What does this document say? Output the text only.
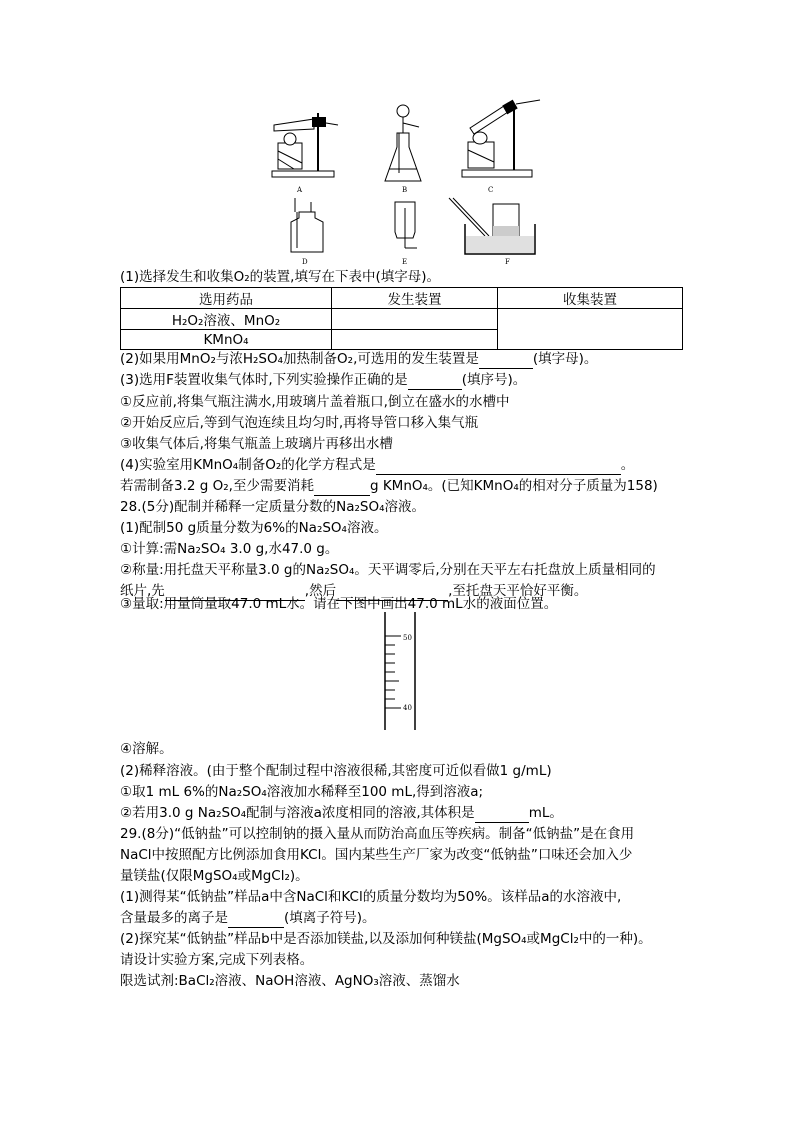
A	B	C
D	E	F
(1)选择发生和收集O₂的装置,填写在下表中(填字母)。
选用药品	发生装置	收集装置
H₂O₂溶液、MnO₂		
KMnO₄		
(2)如果用MnO₂与浓H₂SO₄加热制备O₂,可选用的发生装置是	(填字母)。
(3)选用F装置收集气体时,下列实验操作正确的是	(填序号)。
①反应前,将集气瓶注满水,用玻璃片盖着瓶口,倒立在盛水的水槽中
②开始反应后,等到气泡连续且均匀时,再将导管口移入集气瓶
③收集气体后,将集气瓶盖上玻璃片再移出水槽
(4)实验室用KMnO₄制备O₂的化学方程式是	。
若需制备3.2 g O₂,至少需要消耗	g KMnO₄。(已知KMnO₄的相对分子质量为158)
28.(5分)配制并稀释一定质量分数的Na₂SO₄溶液。
(1)配制50 g质量分数为6%的Na₂SO₄溶液。
①计算:需Na₂SO₄ 3.0 g,水47.0 g。
②称量:用托盘天平称量3.0 g的Na₂SO₄。天平调零后,分别在天平左右托盘放上质量相同的
纸片,先	,然后	,至托盘天平恰好平衡。
③量取:用量筒量取47.0 mL水。请在下图中画出47.0 mL水的液面位置。
50
40
④溶解。
(2)稀释溶液。(由于整个配制过程中溶液很稀,其密度可近似看做1 g/mL)
①取1 mL 6%的Na₂SO₄溶液加水稀释至100 mL,得到溶液a;
②若用3.0 g Na₂SO₄配制与溶液a浓度相同的溶液,其体积是	mL。
29.(8分)“低钠盐”可以控制钠的摄入量从而防治高血压等疾病。制备“低钠盐”是在食用
NaCl中按照配方比例添加食用KCl。国内某些生产厂家为改变“低钠盐”口味还会加入少
量镁盐(仅限MgSO₄或MgCl₂)。
(1)测得某“低钠盐”样品a中含NaCl和KCl的质量分数均为50%。该样品a的水溶液中,
含量最多的离子是	(填离子符号)。
(2)探究某“低钠盐”样品b中是否添加镁盐,以及添加何种镁盐(MgSO₄或MgCl₂中的一种)。
请设计实验方案,完成下列表格。
限选试剂:BaCl₂溶液、NaOH溶液、AgNO₃溶液、蒸馏水
